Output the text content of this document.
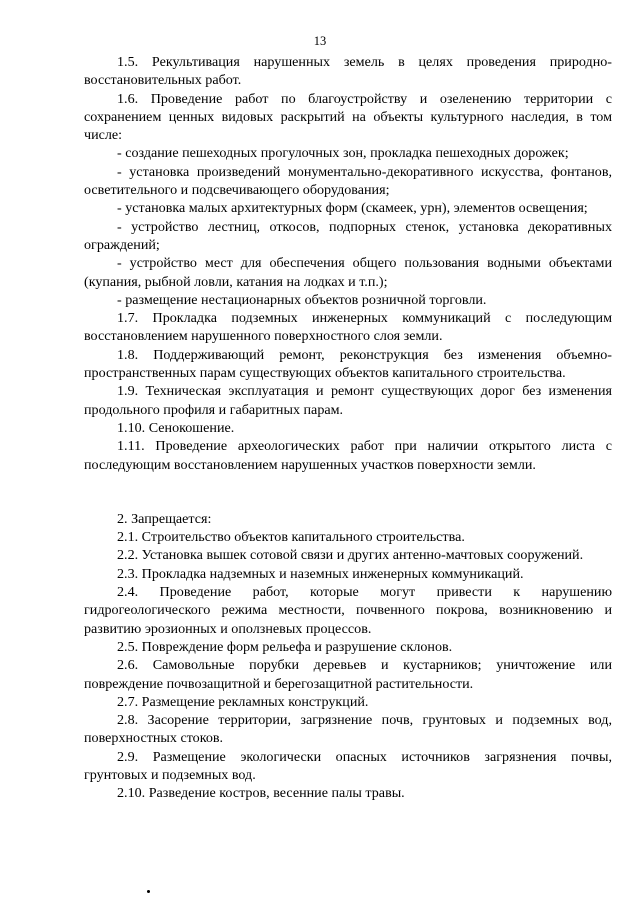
13

1.5. Рекультивация нарушенных земель в целях проведения природно-восстановительных работ.

1.6. Проведение работ по благоустройству и озеленению территории с сохранением ценных видовых раскрытий на объекты культурного наследия, в том числе:

- создание пешеходных прогулочных зон, прокладка пешеходных дорожек;

- установка произведений монументально-декоративного искусства, фонтанов, осветительного и подсвечивающего оборудования;

- установка малых архитектурных форм (скамеек, урн), элементов освещения;

- устройство лестниц, откосов, подпорных стенок, установка декоративных ограждений;

- устройство мест для обеспечения общего пользования водными объектами (купания, рыбной ловли, катания на лодках и т.п.);

- размещение нестационарных объектов розничной торговли.

1.7. Прокладка подземных инженерных коммуникаций с последующим восстановлением нарушенного поверхностного слоя земли.

1.8. Поддерживающий ремонт, реконструкция без изменения объемно-пространственных парам существующих объектов капитального строительства.

1.9. Техническая эксплуатация и ремонт существующих дорог без изменения продольного профиля и габаритных парам.

1.10. Сенокошение.

1.11. Проведение археологических работ при наличии открытого листа с последующим восстановлением нарушенных участков поверхности земли.

2. Запрещается:

2.1. Строительство объектов капитального строительства.

2.2. Установка вышек сотовой связи и других антенно-мачтовых сооружений.

2.3. Прокладка надземных и наземных инженерных коммуникаций.

2.4. Проведение работ, которые могут привести к нарушению гидрогеологического режима местности, почвенного покрова, возникновению и развитию эрозионных и оползневых процессов.

2.5. Повреждение форм рельефа и разрушение склонов.

2.6. Самовольные порубки деревьев и кустарников; уничтожение или повреждение почвозащитной и берегозащитной растительности.

2.7. Размещение рекламных конструкций.

2.8. Засорение территории, загрязнение почв, грунтовых и подземных вод, поверхностных стоков.

2.9. Размещение экологически опасных источников загрязнения почвы, грунтовых и подземных вод.

2.10. Разведение костров, весенние палы травы.
